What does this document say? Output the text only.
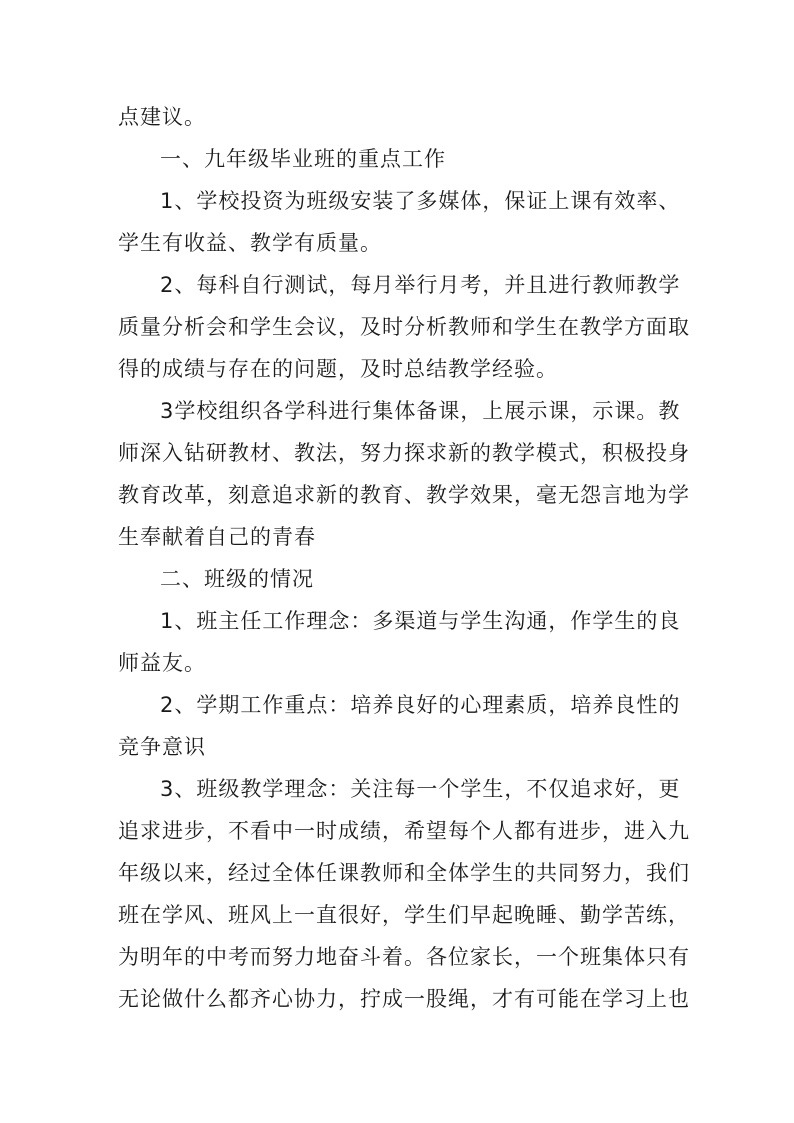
点建议。
一、九年级毕业班的重点工作
1、学校投资为班级安装了多媒体，保证上课有效率、
学生有收益、教学有质量。
2、每科自行测试，每月举行月考，并且进行教师教学
质量分析会和学生会议，及时分析教师和学生在教学方面取
得的成绩与存在的问题，及时总结教学经验。
3学校组织各学科进行集体备课，上展示课，示课。教
师深入钻研教材、教法，努力探求新的教学模式，积极投身
教育改革，刻意追求新的教育、教学效果，毫无怨言地为学
生奉献着自己的青春
二、班级的情况
1、班主任工作理念：多渠道与学生沟通，作学生的良
师益友。
2、学期工作重点：培养良好的心理素质，培养良性的
竞争意识
3、班级教学理念：关注每一个学生，不仅追求好，更
追求进步，不看中一时成绩，希望每个人都有进步，进入九
年级以来，经过全体任课教师和全体学生的共同努力，我们
班在学风、班风上一直很好，学生们早起晚睡、勤学苦练，
为明年的中考而努力地奋斗着。各位家长，一个班集体只有
无论做什么都齐心协力，拧成一股绳，才有可能在学习上也
